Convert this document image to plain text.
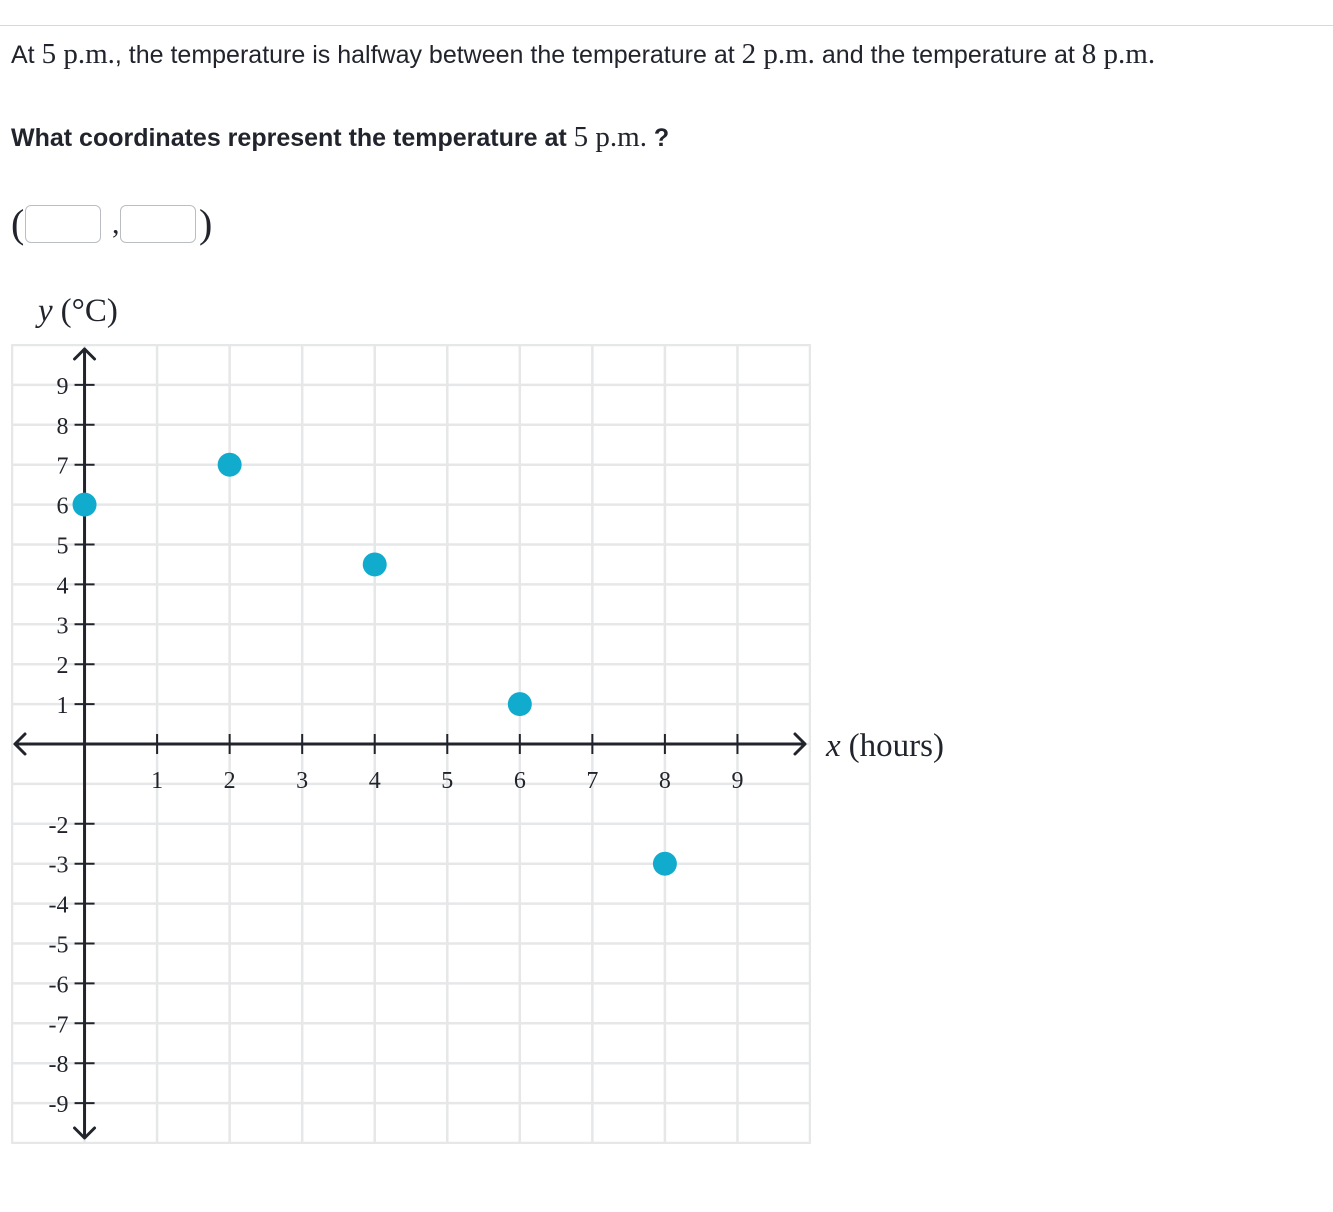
At 5 p.m., the temperature is halfway between the temperature at 2 p.m. and the temperature at 8 p.m.
What coordinates represent the temperature at 5 p.m. ?
(	, )
1	2	3	4	5	6	7	8	9
-9
-8
-7
-6
-5
-4
-3
-2
1
2
3
4
5
6
7
8
9
y (°C)
x (hours)
